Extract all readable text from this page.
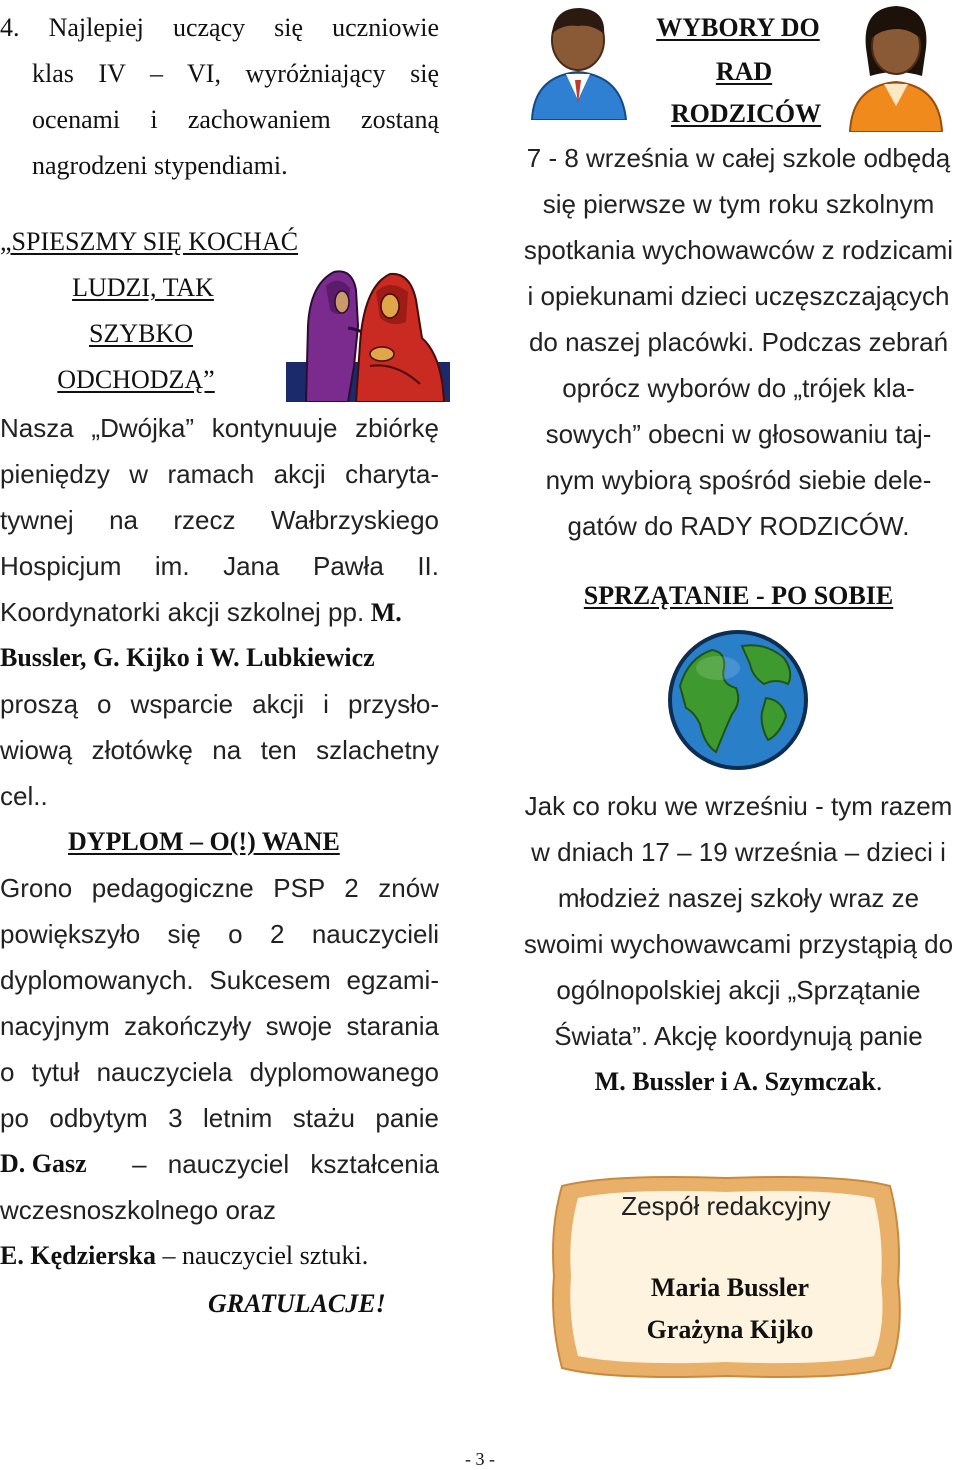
4. Najlepiej uczący się uczniowie
klas IV – VI, wyróżniający się
ocenami i zachowaniem zostaną
nagrodzeni stypendiami.
„SPIESZMY SIĘ KOCHAĆ
LUDZI, TAK
SZYBKO
ODCHODZĄ”
Nasza „Dwójka” kontynuuje zbiórkę
pieniędzy w ramach akcji charyta-
tywnej na rzecz Wałbrzyskiego
Hospicjum im. Jana Pawła II.
Koordynatorki akcji szkolnej pp. M.
Bussler, G. Kijko i W. Lubkiewicz
proszą o wsparcie akcji i przysło-
wiową złotówkę na ten szlachetny
cel..
DYPLOM – O(!) WANE
Grono pedagogiczne PSP 2 znów
powiększyło się o 2 nauczycieli
dyplomowanych. Sukcesem egzami-
nacyjnym zakończyły swoje starania
o tytuł nauczyciela dyplomowanego
po odbytym 3 letnim stażu panie
D. Gasz – nauczyciel kształcenia
wczesnoszkolnego oraz
E. Kędzierska – nauczyciel sztuki.
GRATULACJE!
WYBORY DO
RAD
RODZICÓW
7 - 8 września w całej szkole odbędą
się pierwsze w tym roku szkolnym
spotkania wychowawców z rodzicami
i opiekunami dzieci uczęszczających
do naszej placówki. Podczas zebrań
oprócz wyborów do „trójek kla-
sowych” obecni w głosowaniu taj-
nym wybiorą spośród siebie dele-
gatów do RADY RODZICÓW.
SPRZĄTANIE - PO SOBIE
Jak co roku we wrześniu - tym razem
w dniach 17 – 19 września – dzieci i
młodzież naszej szkoły wraz ze
swoimi wychowawcami przystąpią do
ogólnopolskiej akcji „Sprzątanie
Świata”. Akcję koordynują panie
M. Bussler i A. Szymczak.
Zespół redakcyjny
Maria Bussler
Grażyna Kijko
- 3 -
